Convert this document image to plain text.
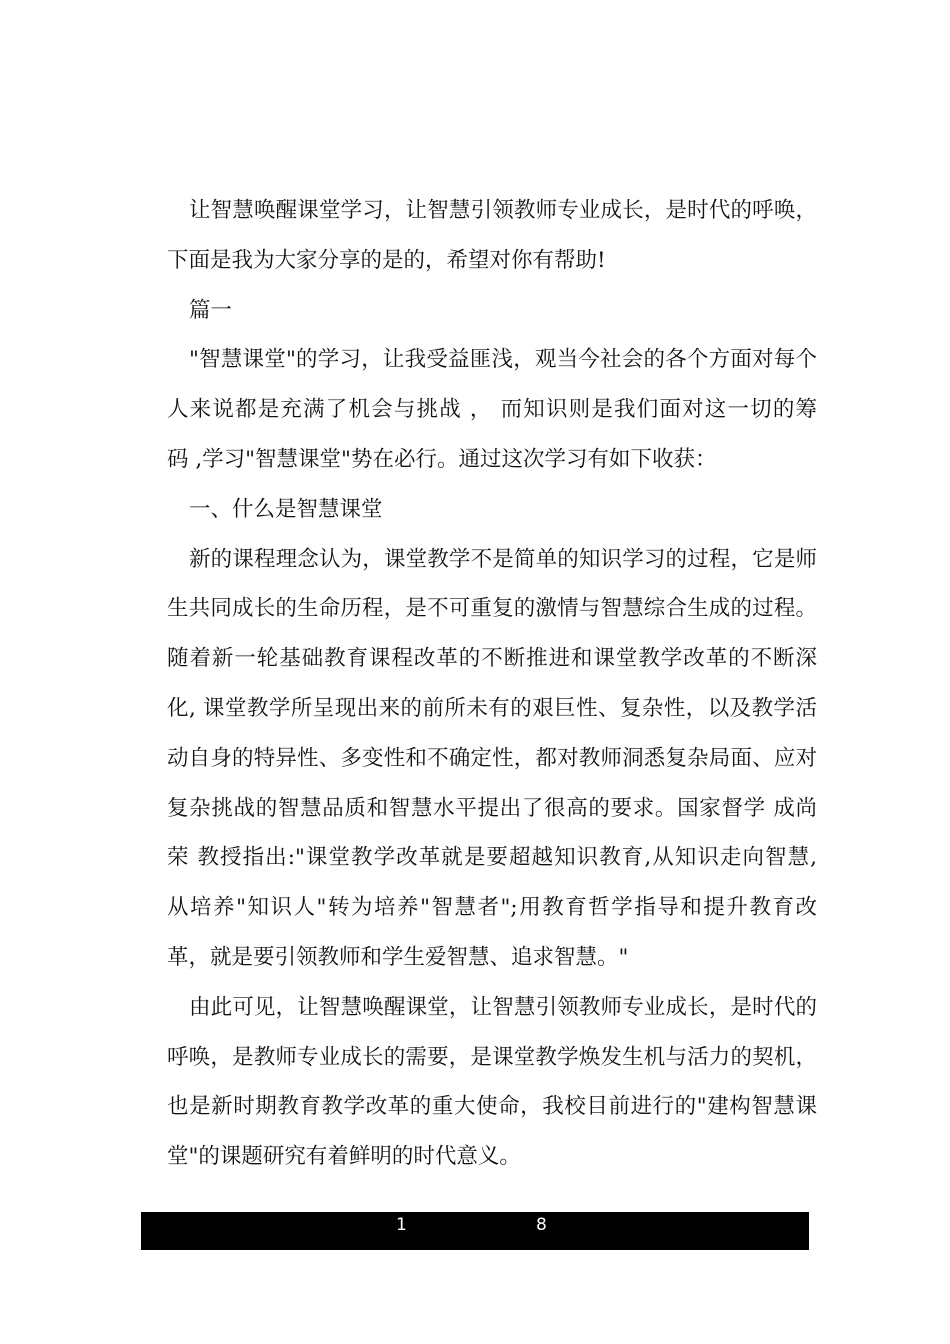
让智慧唤醒课堂学习，让智慧引领教师专业成长，是时代的呼唤，
下面是我为大家分享的是的，希望对你有帮助!

篇一

"智慧课堂"的学习，让我受益匪浅，观当今社会的各个方面对每个
人来说都是充满了机会与挑战 ， 而知识则是我们面对这一切的筹
码 ,学习"智慧课堂"势在必行。通过这次学习有如下收获：

一、什么是智慧课堂

新的课程理念认为，课堂教学不是简单的知识学习的过程，它是师
生共同成长的生命历程，是不可重复的激情与智慧综合生成的过程。
随着新一轮基础教育课程改革的不断推进和课堂教学改革的不断深
化, 课堂教学所呈现出来的前所未有的艰巨性、复杂性，以及教学活
动自身的特异性、多变性和不确定性，都对教师洞悉复杂局面、应对
复杂挑战的智慧品质和智慧水平提出了很高的要求。国家督学 成尚
荣 教授指出:"课堂教学改革就是要超越知识教育,从知识走向智慧,
从培养"知识人"转为培养"智慧者";用教育哲学指导和提升教育改
革，就是要引领教师和学生爱智慧、追求智慧。"

由此可见，让智慧唤醒课堂，让智慧引领教师专业成长，是时代的
呼唤，是教师专业成长的需要，是课堂教学焕发生机与活力的契机，
也是新时期教育教学改革的重大使命，我校目前进行的"建构智慧课
堂"的课题研究有着鲜明的时代意义。

1	8
